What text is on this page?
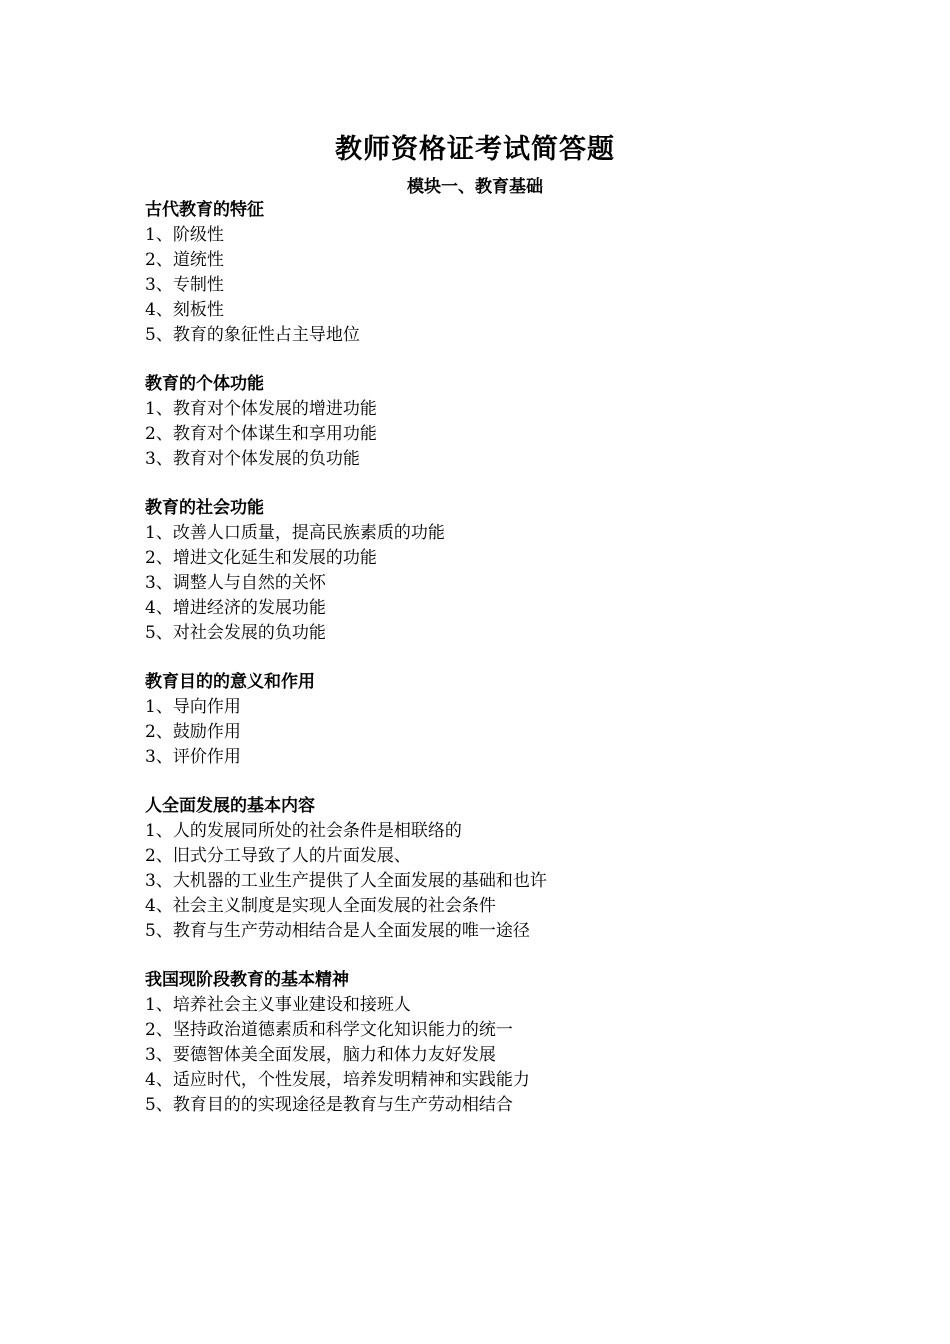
教师资格证考试简答题
模块一、教育基础
古代教育的特征
1、阶级性
2、道统性
3、专制性
4、刻板性
5、教育的象征性占主导地位
教育的个体功能
1、教育对个体发展的增进功能
2、教育对个体谋生和享用功能
3、教育对个体发展的负功能
教育的社会功能
1、改善人口质量，提高民族素质的功能
2、增进文化延生和发展的功能
3、调整人与自然的关怀
4、增进经济的发展功能
5、对社会发展的负功能
教育目的的意义和作用
1、导向作用
2、鼓励作用
3、评价作用
人全面发展的基本内容
1、人的发展同所处的社会条件是相联络的
2、旧式分工导致了人的片面发展、
3、大机器的工业生产提供了人全面发展的基础和也许
4、社会主义制度是实现人全面发展的社会条件
5、教育与生产劳动相结合是人全面发展的唯一途径
我国现阶段教育的基本精神
1、培养社会主义事业建设和接班人
2、坚持政治道德素质和科学文化知识能力的统一
3、要德智体美全面发展，脑力和体力友好发展
4、适应时代，个性发展，培养发明精神和实践能力
5、教育目的的实现途径是教育与生产劳动相结合
